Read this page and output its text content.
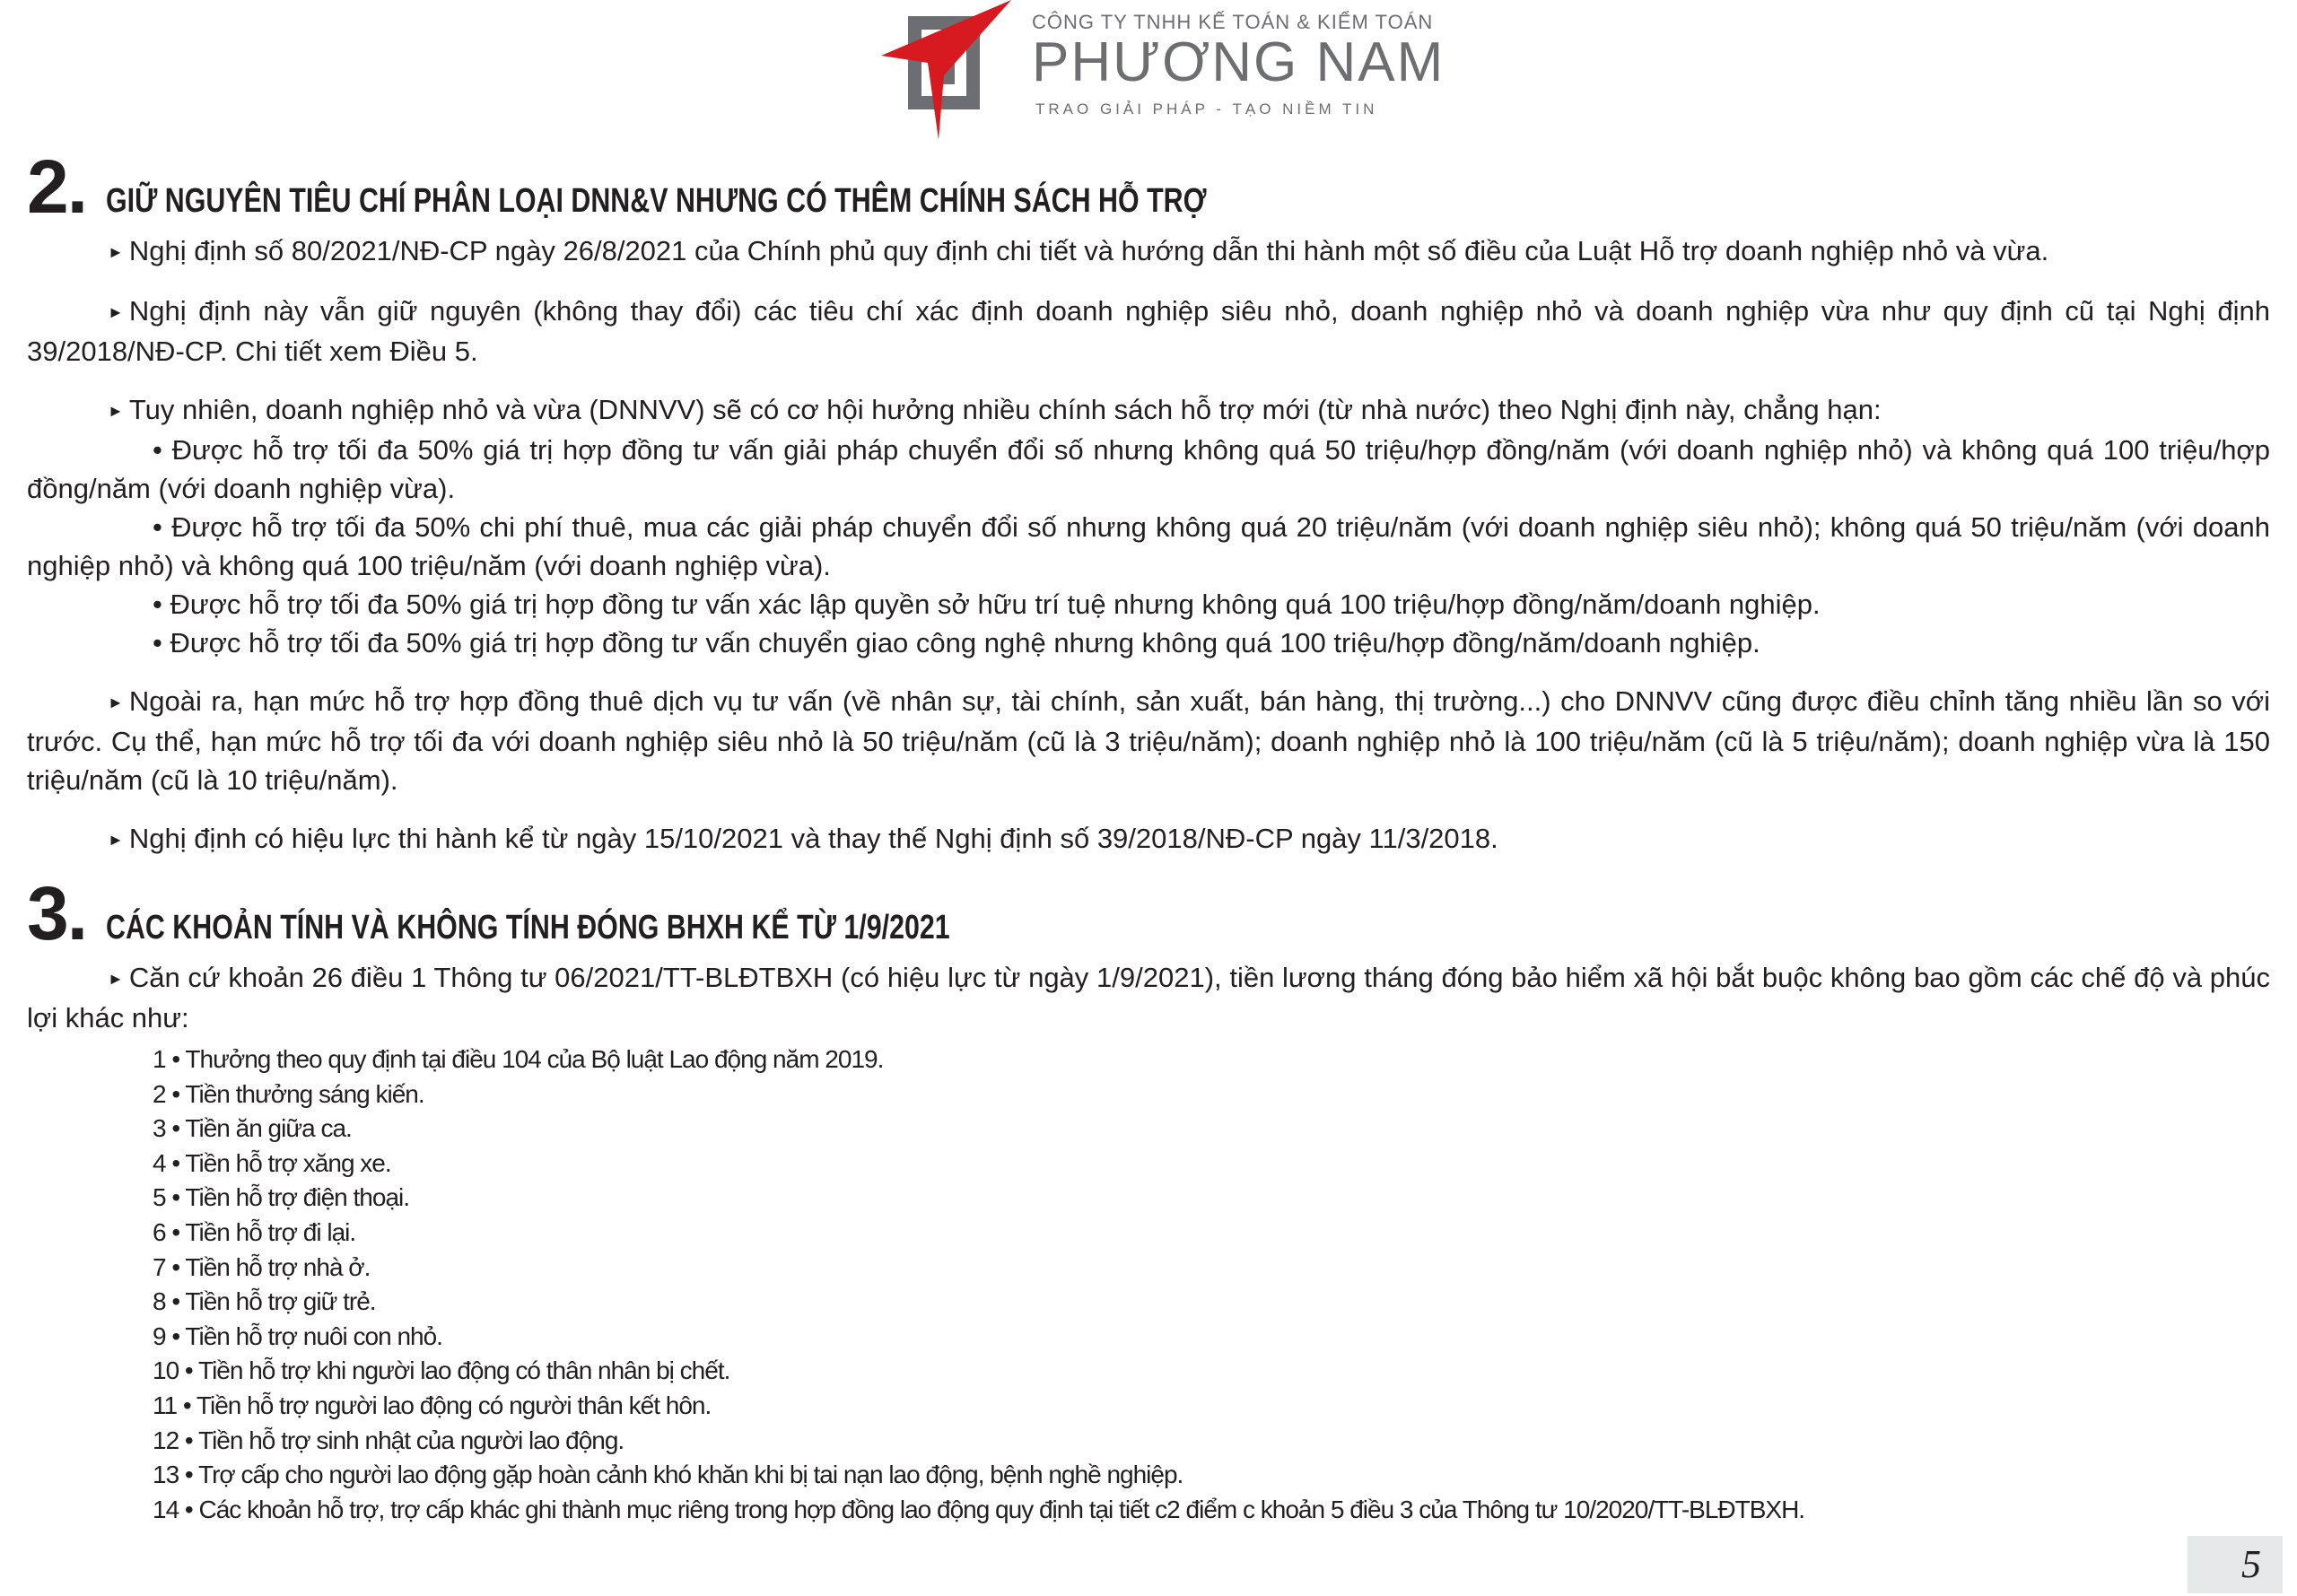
CÔNG TY TNHH KẾ TOÁN & KIỂM TOÁN

PHƯƠNG NAM

TRAO GIẢI PHÁP - TẠO NIỀM TIN
2. GIỮ NGUYÊN TIÊU CHÍ PHÂN LOẠI DNN&V NHƯNG CÓ THÊM CHÍNH SÁCH HỖ TRỢ

► Nghị định số 80/2021/NĐ-CP ngày 26/8/2021 của Chính phủ quy định chi tiết và hướng dẫn thi hành một số điều của Luật Hỗ trợ doanh nghiệp nhỏ và vừa.

► Nghị định này vẫn giữ nguyên (không thay đổi) các tiêu chí xác định doanh nghiệp siêu nhỏ, doanh nghiệp nhỏ và doanh nghiệp vừa như quy định cũ tại Nghị định 39/2018/NĐ-CP. Chi tiết xem Điều 5.

► Tuy nhiên, doanh nghiệp nhỏ và vừa (DNNVV) sẽ có cơ hội hưởng nhiều chính sách hỗ trợ mới (từ nhà nước) theo Nghị định này, chẳng hạn:

• Được hỗ trợ tối đa 50% giá trị hợp đồng tư vấn giải pháp chuyển đổi số nhưng không quá 50 triệu/hợp đồng/năm (với doanh nghiệp nhỏ) và không quá 100 triệu/hợp đồng/năm (với doanh nghiệp vừa).

• Được hỗ trợ tối đa 50% chi phí thuê, mua các giải pháp chuyển đổi số nhưng không quá 20 triệu/năm (với doanh nghiệp siêu nhỏ); không quá 50 triệu/năm (với doanh nghiệp nhỏ) và không quá 100 triệu/năm (với doanh nghiệp vừa).

• Được hỗ trợ tối đa 50% giá trị hợp đồng tư vấn xác lập quyền sở hữu trí tuệ nhưng không quá 100 triệu/hợp đồng/năm/doanh nghiệp.

• Được hỗ trợ tối đa 50% giá trị hợp đồng tư vấn chuyển giao công nghệ nhưng không quá 100 triệu/hợp đồng/năm/doanh nghiệp.

► Ngoài ra, hạn mức hỗ trợ hợp đồng thuê dịch vụ tư vấn (về nhân sự, tài chính, sản xuất, bán hàng, thị trường...) cho DNNVV cũng được điều chỉnh tăng nhiều lần so với trước. Cụ thể, hạn mức hỗ trợ tối đa với doanh nghiệp siêu nhỏ là 50 triệu/năm (cũ là 3 triệu/năm); doanh nghiệp nhỏ là 100 triệu/năm (cũ là 5 triệu/năm); doanh nghiệp vừa là 150 triệu/năm (cũ là 10 triệu/năm).

► Nghị định có hiệu lực thi hành kể từ ngày 15/10/2021 và thay thế Nghị định số 39/2018/NĐ-CP ngày 11/3/2018.

3. CÁC KHOẢN TÍNH VÀ KHÔNG TÍNH ĐÓNG BHXH KỂ TỪ 1/9/2021

► Căn cứ khoản 26 điều 1 Thông tư 06/2021/TT-BLĐTBXH (có hiệu lực từ ngày 1/9/2021), tiền lương tháng đóng bảo hiểm xã hội bắt buộc không bao gồm các chế độ và phúc lợi khác như:

1 • Thưởng theo quy định tại điều 104 của Bộ luật Lao động năm 2019.
2 • Tiền thưởng sáng kiến.
3 • Tiền ăn giữa ca.
4 • Tiền hỗ trợ xăng xe.
5 • Tiền hỗ trợ điện thoại.
6 • Tiền hỗ trợ đi lại.
7 • Tiền hỗ trợ nhà ở.
8 • Tiền hỗ trợ giữ trẻ.
9 • Tiền hỗ trợ nuôi con nhỏ.
10 • Tiền hỗ trợ khi người lao động có thân nhân bị chết.
11 • Tiền hỗ trợ người lao động có người thân kết hôn.
12 • Tiền hỗ trợ sinh nhật của người lao động.
13 • Trợ cấp cho người lao động gặp hoàn cảnh khó khăn khi bị tai nạn lao động, bệnh nghề nghiệp.
14 • Các khoản hỗ trợ, trợ cấp khác ghi thành mục riêng trong hợp đồng lao động quy định tại tiết c2 điểm c khoản 5 điều 3 của Thông tư 10/2020/TT-BLĐTBXH.
5
